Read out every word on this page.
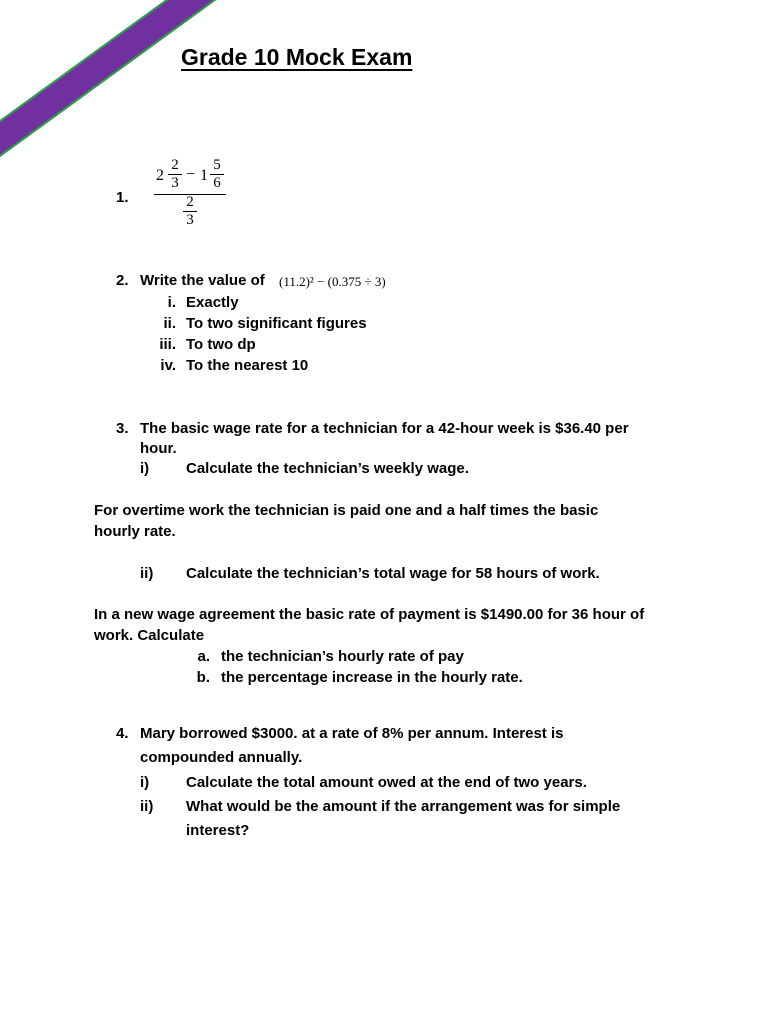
Grade 10 Mock Exam
1.
2
2
3 − 1
5
6
2
3
2. Write the value of (11.2)² − (0.375 ÷ 3)
i. Exactly
ii. To two significant figures
iii. To two dp
iv. To the nearest 10
3. The basic wage rate for a technician for a 42-hour week is $36.40 per
hour.
i) Calculate the technician’s weekly wage.
For overtime work the technician is paid one and a half times the basic
hourly rate.
ii) Calculate the technician’s total wage for 58 hours of work.
In a new wage agreement the basic rate of payment is $1490.00 for 36 hour of
work. Calculate
a. the technician’s hourly rate of pay
b. the percentage increase in the hourly rate.
4. Mary borrowed $3000. at a rate of 8% per annum. Interest is
compounded annually.
i) Calculate the total amount owed at the end of two years.
ii) What would be the amount if the arrangement was for simple
interest?
